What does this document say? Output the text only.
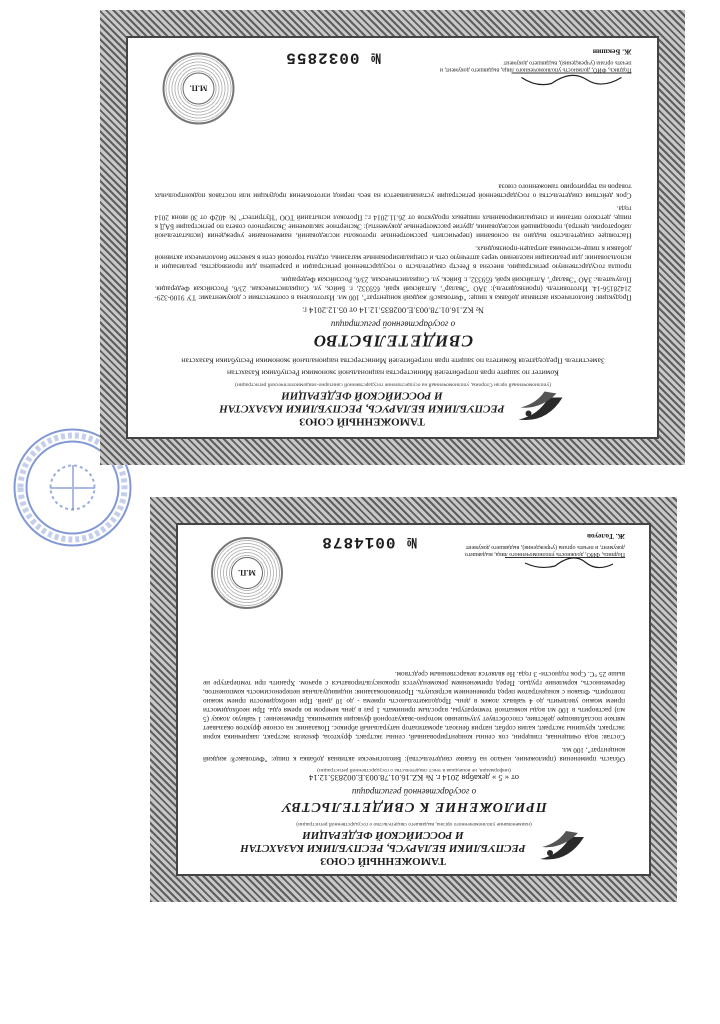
ТАМОЖЕННЫЙ СОЮЗ
РЕСПУБЛИКИ БЕЛАРУСЬ, РЕСПУБЛИКИ КАЗАХСТАН
И РОССИЙСКОЙ ФЕДЕРАЦИИ
(уполномоченный орган Стороны, уполномоченный на осуществление государственной санитарно-эпидемиологической регистрации)
Комитет по защите прав потребителей Министерства национальной экономики Республики Казахстан
Заместитель Председателя Комитета по защите прав потребителей Министерства национальной экономики Республики Казахстан
СВИДЕТЕЛЬСТВО
о государственной регистрации
№ KZ.16.01.78.003.E.002835.12.14 от 05.12.2014 г.
Продукция: Биологически активная добавка к пище: "Фитовакс® жидкий концентрат", 100 мл. Изготовлена в соответствии с документами: ТУ 9100-329-21428156-14. Изготовитель (производитель): ЗАО "Эвалар", Алтайский край, 659332, г. Бийск, ул. Социалистическая, 23/6, Российская Федерация. Получатель: ЗАО "Эвалар", Алтайский край, 659332, г. Бийск, ул. Социалистическая, 23/6, Российская Федерация.
прошла государственную регистрацию, внесена в Реестр свидетельств о государственной регистрации и разрешена для производства, реализации и использования: для реализации населению через аптечную сеть и специализированные магазины, отделы торговой сети в качестве биологически активной добавки к пище-источника антрацен-производных.
Настоящее свидетельство выдано на основании (перечислить рассмотренные протоколы исследований, наименование учреждения (испытательной лаборатории, центра), проводившей исследования, другие рассмотренные документы): Экспертное заключение Экспертного совета по регистрации БАД к пище, детского питания и специализированных пищевых продуктов от 26.11.2014 г.; Протокол испытаний ТОО "Нутритест" № 402Ф от 30 июня 2014 года.
Срок действия свидетельства о государственной регистрации устанавливается на весь период изготовления продукции или поставок подконтрольных товаров на территорию таможенного союза
Подпись, ФИО, должность уполномоченного лица, выдавшего документ, и печать органа (учреждения), выдавшего документ
Ж. Бекшин
№ 0032855
М.П.
ТАМОЖЕННЫЙ СОЮЗ
РЕСПУБЛИКИ БЕЛАРУСЬ, РЕСПУБЛИКИ КАЗАХСТАН
И РОССИЙСКОЙ ФЕДЕРАЦИИ
(наименование уполномоченного органа, выдавшего свидетельство о государственной регистрации)
ПРИЛОЖЕНИЕ К СВИДЕТЕЛЬСТВУ
о государственной регистрации
от « 5 » декабря 2014 г. № KZ.16.01.78.003.E.002835.12.14
(информация, не вошедшая в текст свидетельства о государственной регистрации)
Область применения (приложение, начало на бланке свидетельства): Биологически активная добавка к пище: "Фитовакс® жидкий концентрат", 100 мл.
Состав: вода очищенная, глицерин, сок сенны концентрированный, сенны экстракт, фруктоза, фенхеля экстракт, лакричника корня экстракт, крушины экстракт, калия сорбат, натрия бензоат, ароматизатор натуральный абрикос. Показания: на основе фруктов оказывает мягкое послабляющее действие, способствует улучшению моторно-эвакуаторной функции кишечника. Применение: 1 чайную ложку (5 мл) растворить в 100 мл воды комнатной температуры, взрослым принимать 1 раз в день вечером во время еды. При необходимости прием можно увеличить до 4 чайных ложек в день. Продолжительность приема - до 10 дней. При необходимости прием можно повторить. Флакон с концентратом перед применением встряхнуть. Противопоказания: индивидуальная непереносимость компонентов, беременность, кормление грудью. Перед применением рекомендуется проконсультироваться с врачом. Хранить при температуре не выше 25 °С. Срок годности- 3 года. Не является лекарственным средством.
Подпись, ФИО, должность уполномоченного лица, выдавшего документ, и печать органа (учреждения), выдавшего документ
Ж. Толеуов
№ 0014878
М.П.
